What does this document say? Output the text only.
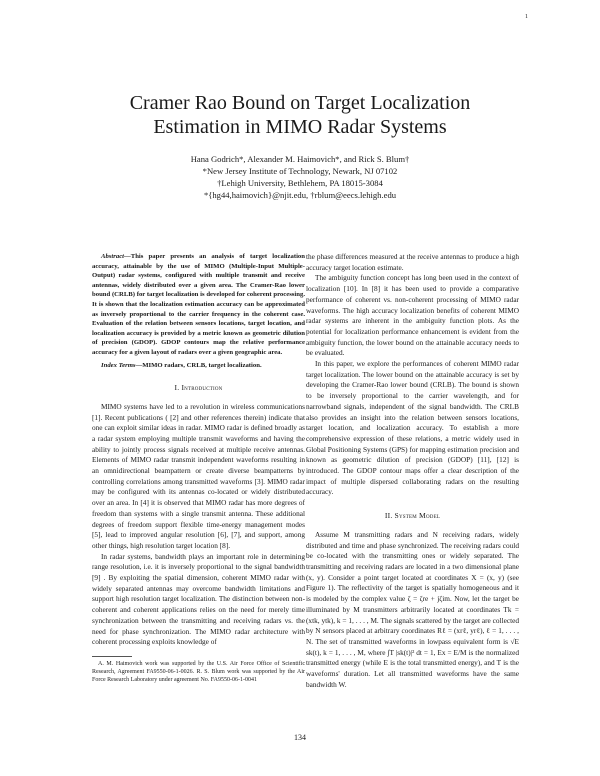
1
Cramer Rao Bound on Target Localization
Estimation in MIMO Radar Systems
Hana Godrich*, Alexander M. Haimovich*, and Rick S. Blum†
*New Jersey Institute of Technology, Newark, NJ 07102
†Lehigh University, Bethlehem, PA 18015-3084
*{hg44,haimovich}@njit.edu, †rblum@eecs.lehigh.edu

Abstract—This paper presents an analysis of target localization accuracy, attainable by the use of MIMO (Multiple-Input Multiple-Output) radar systems, configured with multiple transmit and receive antennas, widely distributed over a given area. The Cramer-Rao lower bound (CRLB) for target localization is developed for coherent processing. It is shown that the localization estimation accuracy can be approximated as inversely proportional to the carrier frequency in the coherent case. Evaluation of the relation between sensors locations, target location, and localization accuracy is provided by a metric known as geometric dilution of precision (GDOP). GDOP contours map the relative performance accuracy for a given layout of radars over a given geographic area.

Index Terms—MIMO radars, CRLB, target localization.

I. Introduction

MIMO systems have led to a revolution in wireless communications [1]. Recent publications ( [2] and other references therein) indicate that one can exploit similar ideas in radar. MIMO radar is defined broadly as a radar system employing multiple transmit waveforms and having the ability to jointly process signals received at multiple receive antennas. Elements of MIMO radar transmit independent waveforms resulting in an omnidirectional beampattern or create diverse beampatterns by controlling correlations among transmitted waveforms [3]. MIMO radar may be configured with its antennas co-located or widely distributed over an area. In [4] it is observed that MIMO radar has more degrees of freedom than systems with a single transmit antenna. These additional degrees of freedom support flexible time-energy management modes [5], lead to improved angular resolution [6], [7], and support, among other things, high resolution target location [8].

In radar systems, bandwidth plays an important role in determining range resolution, i.e. it is inversely proportional to the signal bandwidth [9] . By exploiting the spatial dimension, coherent MIMO radar with widely separated antennas may overcome bandwidth limitations and support high resolution target localization. The distinction between non-coherent and coherent applications relies on the need for merely time synchronization between the transmitting and receiving radars vs. the need for phase synchronization. The MIMO radar architecture with coherent processing exploits knowledge of

A. M. Haimovich work was supported by the U.S. Air Force Office of Scientific Research, Agreement FA9550-06-1-0026. R. S. Blum work was supported by the Air Force Research Laboratory under agreement No. FA9550-06-1-0041

the phase differences measured at the receive antennas to produce a high accuracy target location estimate.

The ambiguity function concept has long been used in the context of localization [10]. In [8] it has been used to provide a comparative performance of coherent vs. non-coherent processing of MIMO radar waveforms. The high accuracy localization benefits of coherent MIMO radar systems are inherent in the ambiguity function plots. As the potential for localization performance enhancement is evident from the ambiguity function, the lower bound on the attainable accuracy needs to be evaluated.

In this paper, we explore the performances of coherent MIMO radar target localization. The lower bound on the attainable accuracy is set by developing the Cramer-Rao lower bound (CRLB). The bound is shown to be inversely proportional to the carrier wavelength, and for narrowband signals, independent of the signal bandwidth. The CRLB also provides an insight into the relation between sensors locations, target location, and localization accuracy. To establish a more comprehensive expression of these relations, a metric widely used in Global Positioning Systems (GPS) for mapping estimation precision and known as geometric dilution of precision (GDOP) [11], [12] is introduced. The GDOP contour maps offer a clear description of the impact of multiple dispersed collaborating radars on the resulting accuracy.

II. System Model

Assume M transmitting radars and N receiving radars, widely distributed and time and phase synchronized. The receiving radars could be co-located with the transmitting ones or widely separated. The transmitting and receiving radars are located in a two dimensional plane (x, y). Consider a point target located at coordinates X = (x, y) (see Figure 1). The reflectivity of the target is spatially homogeneous and it is modeled by the complex value ζ = ζre + jζim. Now, let the target be illuminated by M transmitters arbitrarily located at coordinates Tk = (xtk, ytk), k = 1, . . . , M. The signals scattered by the target are collected by N sensors placed at arbitrary coordinates Rℓ = (xrℓ, yrℓ), ℓ = 1, . . . , N. The set of transmitted waveforms in lowpass equivalent form is √E sk(t), k = 1, . . . , M, where ∫T |sk(t)|² dt = 1, Ex = E/M is the normalized transmitted energy (while E is the total transmitted energy), and T is the waveforms' duration. Let all transmitted waveforms have the same bandwidth W.

134
